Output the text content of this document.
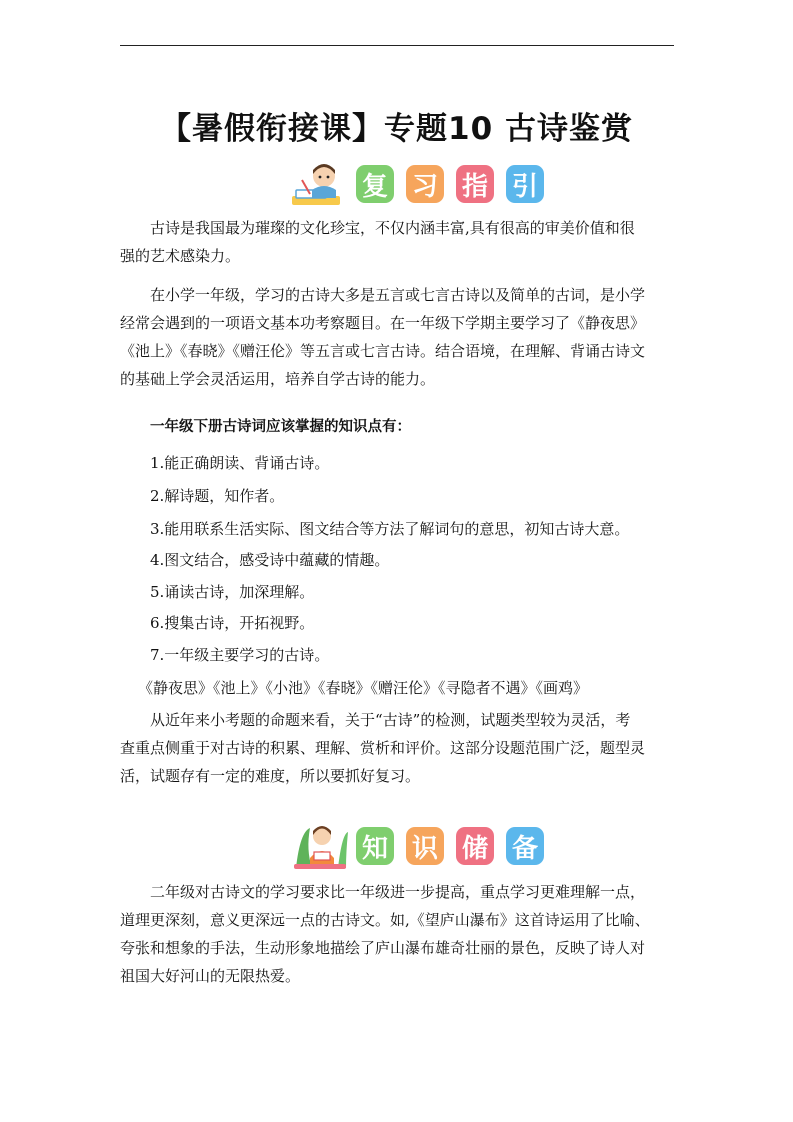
【暑假衔接课】专题10 古诗鉴赏
复 习 指 引
古诗是我国最为璀璨的文化珍宝，不仅内涵丰富,具有很高的审美价值和很
强的艺术感染力。
在小学一年级，学习的古诗大多是五言或七言古诗以及简单的古词，是小学
经常会遇到的一项语文基本功考察题目。在一年级下学期主要学习了《静夜思》
《池上》《春晓》《赠汪伦》等五言或七言古诗。结合语境，在理解、背诵古诗文
的基础上学会灵活运用，培养自学古诗的能力。
一年级下册古诗词应该掌握的知识点有：
1.能正确朗读、背诵古诗。
2.解诗题，知作者。
3.能用联系生活实际、图文结合等方法了解词句的意思，初知古诗大意。
4.图文结合，感受诗中蕴藏的情趣。
5.诵读古诗，加深理解。
6.搜集古诗，开拓视野。
7.一年级主要学习的古诗。
《静夜思》《池上》《小池》《春晓》《赠汪伦》《寻隐者不遇》《画鸡》
从近年来小考题的命题来看，关于“古诗”的检测，试题类型较为灵活，考
查重点侧重于对古诗的积累、理解、赏析和评价。这部分设题范围广泛，题型灵
活，试题存有一定的难度，所以要抓好复习。
知 识 储 备
二年级对古诗文的学习要求比一年级进一步提高，重点学习更难理解一点，
道理更深刻，意义更深远一点的古诗文。如,《望庐山瀑布》这首诗运用了比喻、
夸张和想象的手法，生动形象地描绘了庐山瀑布雄奇壮丽的景色，反映了诗人对
祖国大好河山的无限热爱。
